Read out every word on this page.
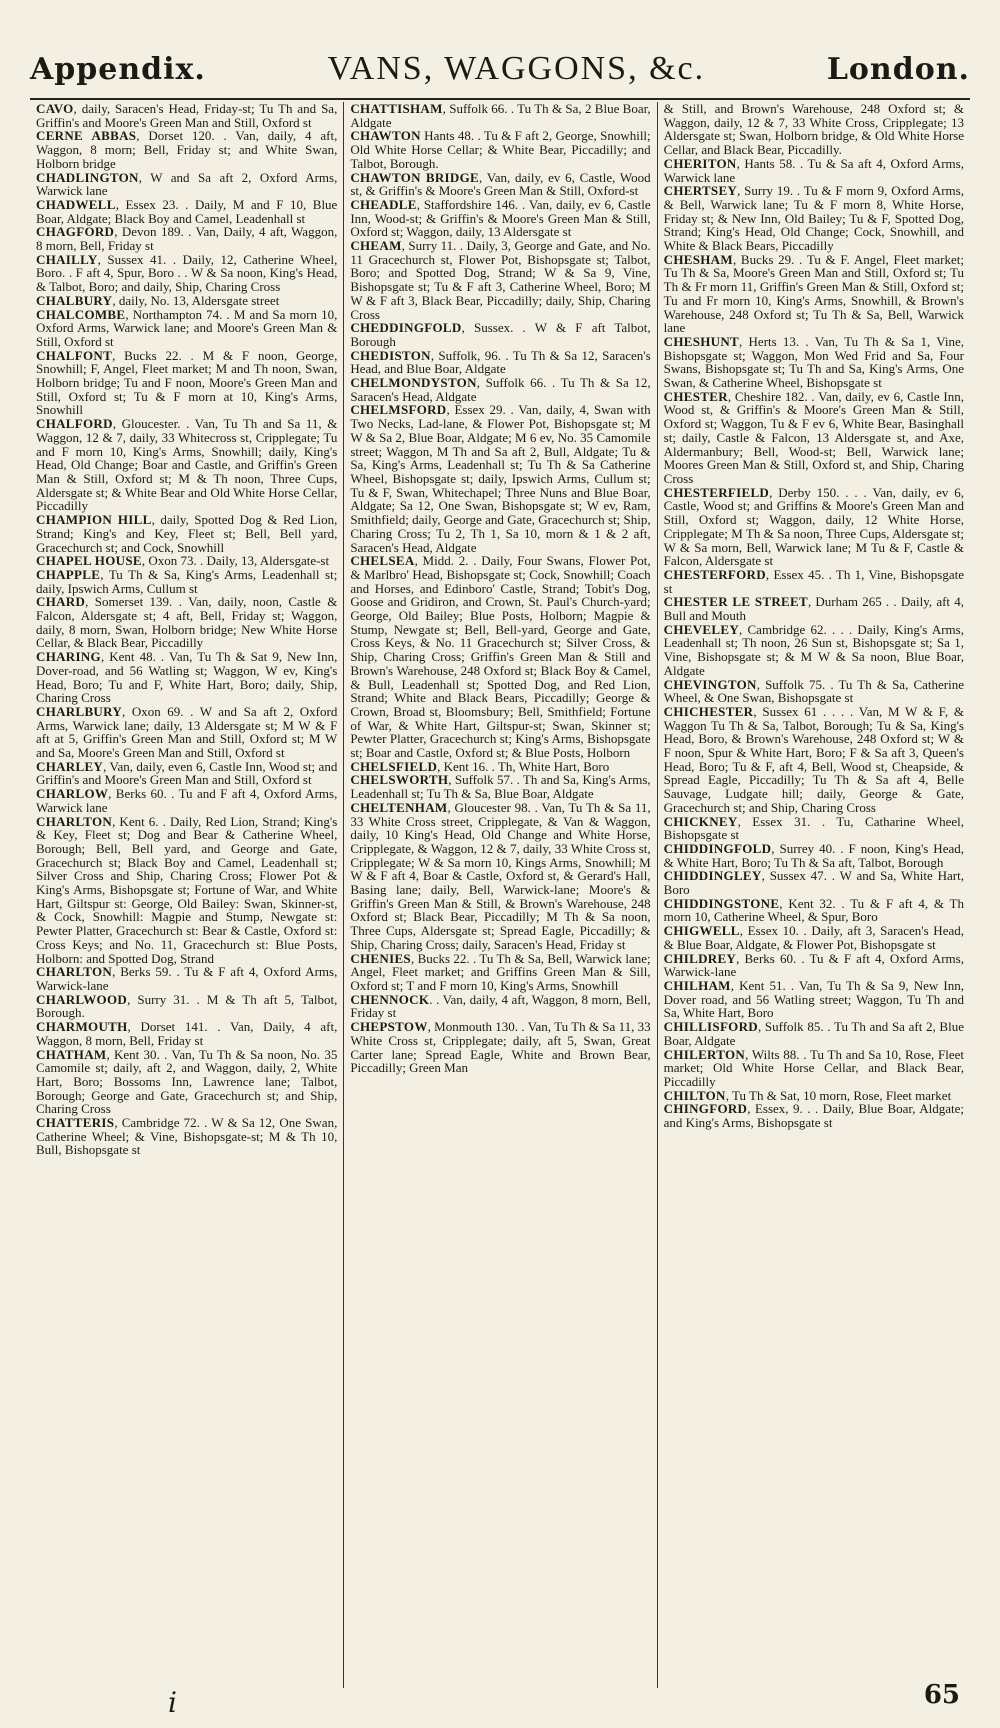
Appendix.	VANS, WAGGONS, &c.	London.

CAVO, daily, Saracen's Head, Friday-st; Tu Th and Sa, Griffin's and Moore's Green Man and Still, Oxford st

CERNE ABBAS, Dorset 120. . Van, daily, 4 aft, Waggon, 8 morn; Bell, Friday st; and White Swan, Holborn bridge

CHADLINGTON, W and Sa aft 2, Oxford Arms, Warwick lane

CHADWELL, Essex 23. . Daily, M and F 10, Blue Boar, Aldgate; Black Boy and Camel, Leadenhall st

CHAGFORD, Devon 189. . Van, Daily, 4 aft, Waggon, 8 morn, Bell, Friday st

CHAILLY, Sussex 41. . Daily, 12, Catherine Wheel, Boro. . F aft 4, Spur, Boro . . W & Sa noon, King's Head, & Talbot, Boro; and daily, Ship, Charing Cross

CHALBURY, daily, No. 13, Aldersgate street

CHALCOMBE, Northampton 74. . M and Sa morn 10, Oxford Arms, Warwick lane; and Moore's Green Man & Still, Oxford st

CHALFONT, Bucks 22. . M & F noon, George, Snowhill; F, Angel, Fleet market; M and Th noon, Swan, Holborn bridge; Tu and F noon, Moore's Green Man and Still, Oxford st; Tu & F morn at 10, King's Arms, Snowhill

CHALFORD, Gloucester. . Van, Tu Th and Sa 11, & Waggon, 12 & 7, daily, 33 Whitecross st, Cripplegate; Tu and F morn 10, King's Arms, Snowhill; daily, King's Head, Old Change; Boar and Castle, and Griffin's Green Man & Still, Oxford st; M & Th noon, Three Cups, Aldersgate st; & White Bear and Old White Horse Cellar, Piccadilly

CHAMPION HILL, daily, Spotted Dog & Red Lion, Strand; King's and Key, Fleet st; Bell, Bell yard, Gracechurch st; and Cock, Snowhill

CHAPEL HOUSE, Oxon 73. . Daily, 13, Aldersgate-st

CHAPPLE, Tu Th & Sa, King's Arms, Leadenhall st; daily, Ipswich Arms, Cullum st

CHARD, Somerset 139. . Van, daily, noon, Castle & Falcon, Aldersgate st; 4 aft, Bell, Friday st; Waggon, daily, 8 morn, Swan, Holborn bridge; New White Horse Cellar, & Black Bear, Piccadilly

CHARING, Kent 48. . Van, Tu Th & Sat 9, New Inn, Dover-road, and 56 Watling st; Waggon, W ev, King's Head, Boro; Tu and F, White Hart, Boro; daily, Ship, Charing Cross

CHARLBURY, Oxon 69. . W and Sa aft 2, Oxford Arms, Warwick lane; daily, 13 Aldersgate st; M W & F aft at 5, Griffin's Green Man and Still, Oxford st; M W and Sa, Moore's Green Man and Still, Oxford st

CHARLEY, Van, daily, even 6, Castle Inn, Wood st; and Griffin's and Moore's Green Man and Still, Oxford st

CHARLOW, Berks 60. . Tu and F aft 4, Oxford Arms, Warwick lane

CHARLTON, Kent 6. . Daily, Red Lion, Strand; King's & Key, Fleet st; Dog and Bear & Catherine Wheel, Borough; Bell, Bell yard, and George and Gate, Gracechurch st; Black Boy and Camel, Leadenhall st; Silver Cross and Ship, Charing Cross; Flower Pot & King's Arms, Bishopsgate st; Fortune of War, and White Hart, Giltspur st: George, Old Bailey: Swan, Skinner-st, & Cock, Snowhill: Magpie and Stump, Newgate st: Pewter Platter, Gracechurch st: Bear & Castle, Oxford st: Cross Keys; and No. 11, Gracechurch st: Blue Posts, Holborn: and Spotted Dog, Strand

CHARLTON, Berks 59. . Tu & F aft 4, Oxford Arms, Warwick-lane

CHARLWOOD, Surry 31. . M & Th aft 5, Talbot, Borough.

CHARMOUTH, Dorset 141. . Van, Daily, 4 aft, Waggon, 8 morn, Bell, Friday st

CHATHAM, Kent 30. . Van, Tu Th & Sa noon, No. 35 Camomile st; daily, aft 2, and Waggon, daily, 2, White Hart, Boro; Bossoms Inn, Lawrence lane; Talbot, Borough; George and Gate, Gracechurch st; and Ship, Charing Cross

CHATTERIS, Cambridge 72. . W & Sa 12, One Swan, Catherine Wheel; & Vine, Bishopsgate-st; M & Th 10, Bull, Bishopsgate st

CHATTISHAM, Suffolk 66. . Tu Th & Sa, 2 Blue Boar, Aldgate

CHAWTON Hants 48. . Tu & F aft 2, George, Snowhill; Old White Horse Cellar; & White Bear, Piccadilly; and Talbot, Borough.

CHAWTON BRIDGE, Van, daily, ev 6, Castle, Wood st, & Griffin's & Moore's Green Man & Still, Oxford-st

CHEADLE, Staffordshire 146. . Van, daily, ev 6, Castle Inn, Wood-st; & Griffin's & Moore's Green Man & Still, Oxford st; Waggon, daily, 13 Aldersgate st

CHEAM, Surry 11. . Daily, 3, George and Gate, and No. 11 Gracechurch st, Flower Pot, Bishopsgate st; Talbot, Boro; and Spotted Dog, Strand; W & Sa 9, Vine, Bishopsgate st; Tu & F aft 3, Catherine Wheel, Boro; M W & F aft 3, Black Bear, Piccadilly; daily, Ship, Charing Cross

CHEDDINGFOLD, Sussex. . W & F aft Talbot, Borough

CHEDISTON, Suffolk, 96. . Tu Th & Sa 12, Saracen's Head, and Blue Boar, Aldgate

CHELMONDYSTON, Suffolk 66. . Tu Th & Sa 12, Saracen's Head, Aldgate

CHELMSFORD, Essex 29. . Van, daily, 4, Swan with Two Necks, Lad-lane, & Flower Pot, Bishopsgate st; M W & Sa 2, Blue Boar, Aldgate; M 6 ev, No. 35 Camomile street; Waggon, M Th and Sa aft 2, Bull, Aldgate; Tu & Sa, King's Arms, Leadenhall st; Tu Th & Sa Catherine Wheel, Bishopsgate st; daily, Ipswich Arms, Cullum st; Tu & F, Swan, Whitechapel; Three Nuns and Blue Boar, Aldgate; Sa 12, One Swan, Bishopsgate st; W ev, Ram, Smithfield; daily, George and Gate, Gracechurch st; Ship, Charing Cross; Tu 2, Th 1, Sa 10, morn & 1 & 2 aft, Saracen's Head, Aldgate

CHELSEA, Midd. 2. . Daily, Four Swans, Flower Pot, & Marlbro' Head, Bishopsgate st; Cock, Snowhill; Coach and Horses, and Edinboro' Castle, Strand; Tobit's Dog, Goose and Gridiron, and Crown, St. Paul's Church-yard; George, Old Bailey; Blue Posts, Holborn; Magpie & Stump, Newgate st; Bell, Bell-yard, George and Gate, Cross Keys, & No. 11 Gracechurch st; Silver Cross, & Ship, Charing Cross; Griffin's Green Man & Still and Brown's Warehouse, 248 Oxford st; Black Boy & Camel, & Bull, Leadenhall st; Spotted Dog, and Red Lion, Strand; White and Black Bears, Piccadilly; George & Crown, Broad st, Bloomsbury; Bell, Smithfield; Fortune of War, & White Hart, Giltspur-st; Swan, Skinner st; Pewter Platter, Gracechurch st; King's Arms, Bishopsgate st; Boar and Castle, Oxford st; & Blue Posts, Holborn

CHELSFIELD, Kent 16. . Th, White Hart, Boro

CHELSWORTH, Suffolk 57. . Th and Sa, King's Arms, Leadenhall st; Tu Th & Sa, Blue Boar, Aldgate

CHELTENHAM, Gloucester 98. . Van, Tu Th & Sa 11, 33 White Cross street, Cripplegate, & Van & Waggon, daily, 10 King's Head, Old Change and White Horse, Cripplegate, & Waggon, 12 & 7, daily, 33 White Cross st, Cripplegate; W & Sa morn 10, Kings Arms, Snowhill; M W & F aft 4, Boar & Castle, Oxford st, & Gerard's Hall, Basing lane; daily, Bell, Warwick-lane; Moore's & Griffin's Green Man & Still, & Brown's Warehouse, 248 Oxford st; Black Bear, Piccadilly; M Th & Sa noon, Three Cups, Aldersgate st; Spread Eagle, Piccadilly; & Ship, Charing Cross; daily, Saracen's Head, Friday st

CHENIES, Bucks 22. . Tu Th & Sa, Bell, Warwick lane; Angel, Fleet market; and Griffins Green Man & Sill, Oxford st; T and F morn 10, King's Arms, Snowhill

CHENNOCK. . Van, daily, 4 aft, Waggon, 8 morn, Bell, Friday st

CHEPSTOW, Monmouth 130. . Van, Tu Th & Sa 11, 33 White Cross st, Cripplegate; daily, aft 5, Swan, Great Carter lane; Spread Eagle, White and Brown Bear, Piccadilly; Green Man

& Still, and Brown's Warehouse, 248 Oxford st; & Waggon, daily, 12 & 7, 33 White Cross, Cripplegate; 13 Aldersgate st; Swan, Holborn bridge, & Old White Horse Cellar, and Black Bear, Piccadilly.

CHERITON, Hants 58. . Tu & Sa aft 4, Oxford Arms, Warwick lane

CHERTSEY, Surry 19. . Tu & F morn 9, Oxford Arms, & Bell, Warwick lane; Tu & F morn 8, White Horse, Friday st; & New Inn, Old Bailey; Tu & F, Spotted Dog, Strand; King's Head, Old Change; Cock, Snowhill, and White & Black Bears, Piccadilly

CHESHAM, Bucks 29. . Tu & F. Angel, Fleet market; Tu Th & Sa, Moore's Green Man and Still, Oxford st; Tu Th & Fr morn 11, Griffin's Green Man & Still, Oxford st; Tu and Fr morn 10, King's Arms, Snowhill, & Brown's Warehouse, 248 Oxford st; Tu Th & Sa, Bell, Warwick lane

CHESHUNT, Herts 13. . Van, Tu Th & Sa 1, Vine, Bishopsgate st; Waggon, Mon Wed Frid and Sa, Four Swans, Bishopsgate st; Tu Th and Sa, King's Arms, One Swan, & Catherine Wheel, Bishopsgate st

CHESTER, Cheshire 182. . Van, daily, ev 6, Castle Inn, Wood st, & Griffin's & Moore's Green Man & Still, Oxford st; Waggon, Tu & F ev 6, White Bear, Basinghall st; daily, Castle & Falcon, 13 Aldersgate st, and Axe, Aldermanbury; Bell, Wood-st; Bell, Warwick lane; Moores Green Man & Still, Oxford st, and Ship, Charing Cross

CHESTERFIELD, Derby 150. . . . Van, daily, ev 6, Castle, Wood st; and Griffins & Moore's Green Man and Still, Oxford st; Waggon, daily, 12 White Horse, Cripplegate; M Th & Sa noon, Three Cups, Aldersgate st; W & Sa morn, Bell, Warwick lane; M Tu & F, Castle & Falcon, Aldersgate st

CHESTERFORD, Essex 45. . Th 1, Vine, Bishopsgate st

CHESTER LE STREET, Durham 265 . . Daily, aft 4, Bull and Mouth

CHEVELEY, Cambridge 62. . . . Daily, King's Arms, Leadenhall st; Th noon, 26 Sun st, Bishopsgate st; Sa 1, Vine, Bishopsgate st; & M W & Sa noon, Blue Boar, Aldgate

CHEVINGTON, Suffolk 75. . Tu Th & Sa, Catherine Wheel, & One Swan, Bishopsgate st

CHICHESTER, Sussex 61 . . . . Van, M W & F, & Waggon Tu Th & Sa, Talbot, Borough; Tu & Sa, King's Head, Boro, & Brown's Warehouse, 248 Oxford st; W & F noon, Spur & White Hart, Boro; F & Sa aft 3, Queen's Head, Boro; Tu & F, aft 4, Bell, Wood st, Cheapside, & Spread Eagle, Piccadilly; Tu Th & Sa aft 4, Belle Sauvage, Ludgate hill; daily, George & Gate, Gracechurch st; and Ship, Charing Cross

CHICKNEY, Essex 31. . Tu, Catharine Wheel, Bishopsgate st

CHIDDINGFOLD, Surrey 40. . F noon, King's Head, & White Hart, Boro; Tu Th & Sa aft, Talbot, Borough

CHIDDINGLEY, Sussex 47. . W and Sa, White Hart, Boro

CHIDDINGSTONE, Kent 32. . Tu & F aft 4, & Th morn 10, Catherine Wheel, & Spur, Boro

CHIGWELL, Essex 10. . Daily, aft 3, Saracen's Head, & Blue Boar, Aldgate, & Flower Pot, Bishopsgate st

CHILDREY, Berks 60. . Tu & F aft 4, Oxford Arms, Warwick-lane

CHILHAM, Kent 51. . Van, Tu Th & Sa 9, New Inn, Dover road, and 56 Watling street; Waggon, Tu Th and Sa, White Hart, Boro

CHILLISFORD, Suffolk 85. . Tu Th and Sa aft 2, Blue Boar, Aldgate

CHILERTON, Wilts 88. . Tu Th and Sa 10, Rose, Fleet market; Old White Horse Cellar, and Black Bear, Piccadilly

CHILTON, Tu Th & Sat, 10 morn, Rose, Fleet market

CHINGFORD, Essex, 9. . . Daily, Blue Boar, Aldgate; and King's Arms, Bishopsgate st

i	65
